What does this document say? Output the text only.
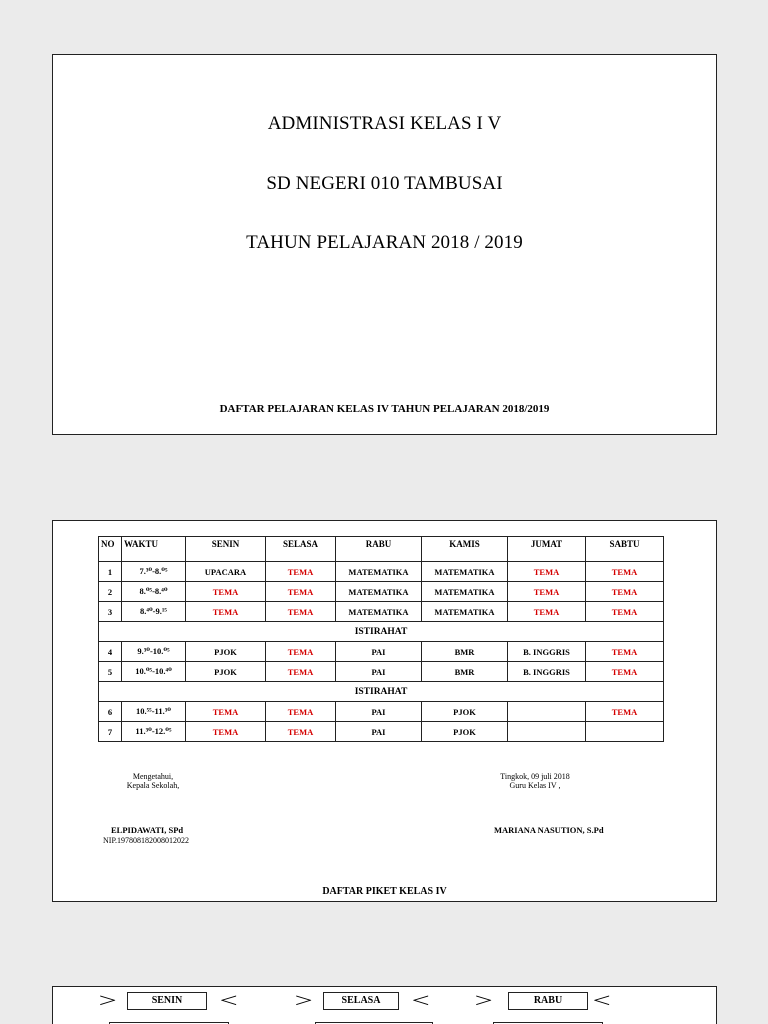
ADMINISTRASI KELAS I V
SD NEGERI 010 TAMBUSAI
TAHUN PELAJARAN 2018 / 2019
DAFTAR PELAJARAN KELAS IV TAHUN PELAJARAN 2018/2019
NO	WAKTU	SENIN	SELASA	RABU	KAMIS	JUMAT	SABTU
1	7.³⁰-8.⁰⁵	UPACARA	TEMA	MATEMATIKA	MATEMATIKA	TEMA	TEMA
2	8.⁰⁵-8.⁴⁰	TEMA	TEMA	MATEMATIKA	MATEMATIKA	TEMA	TEMA
3	8.⁴⁰-9.¹⁵	TEMA	TEMA	MATEMATIKA	MATEMATIKA	TEMA	TEMA
ISTIRAHAT							
4	9.³⁰-10.⁰⁵	PJOK	TEMA	PAI	BMR	B. INGGRIS	TEMA
5	10.⁰⁵-10.⁴⁰	PJOK	TEMA	PAI	BMR	B. INGGRIS	TEMA
ISTIRAHAT							
6	10.⁵⁵-11.³⁰	TEMA	TEMA	PAI	PJOK		TEMA
7	11.³⁰-12.⁰⁵	TEMA	TEMA	PAI	PJOK		
Mengetahui,
Kepala Sekolah,
Tingkok, 09 juli 2018
Guru Kelas IV ,
ELPIDAWATI, SPd
NIP.197808182008012022
MARIANA NASUTION, S.Pd
DAFTAR PIKET KELAS IV
>	SENIN	<	>	SELASA	< >	RABU	<
